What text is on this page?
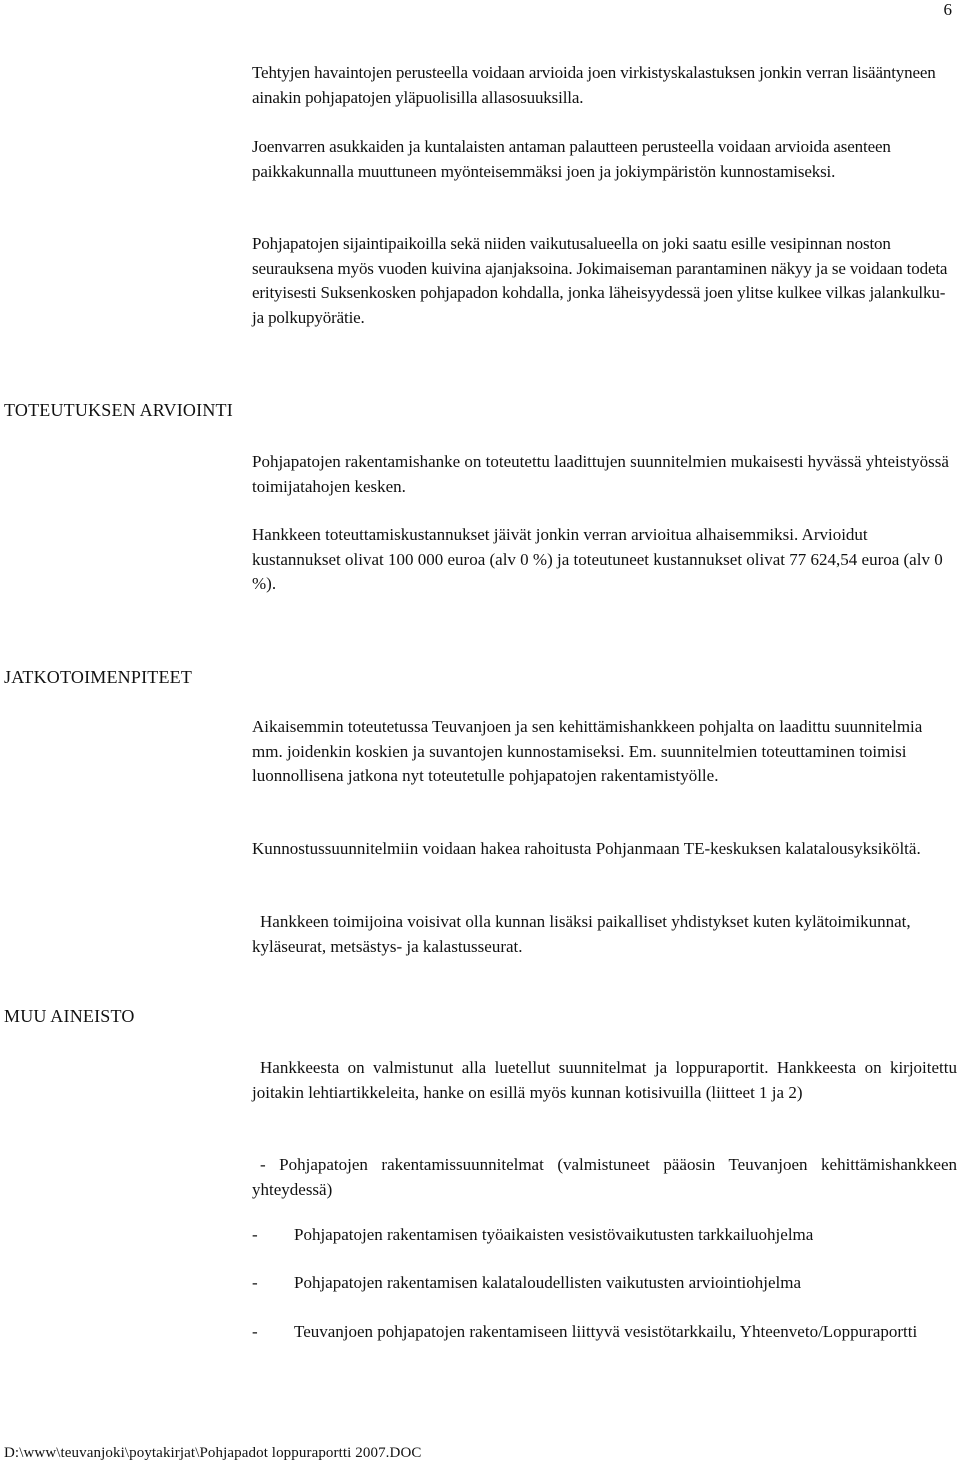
6

Tehtyjen havaintojen perusteella voidaan arvioida joen virkistyskalastuksen jonkin verran lisääntyneen ainakin pohjapatojen yläpuolisilla allasosuuksilla.

Joenvarren asukkaiden ja kuntalaisten antaman palautteen perusteella voidaan arvioida asenteen paikkakunnalla muuttuneen myönteisemmäksi joen ja jokiympäristön kunnostamiseksi.

Pohjapatojen sijaintipaikoilla sekä niiden vaikutusalueella on joki saatu esille vesipinnan noston seurauksena myös vuoden kuivina ajanjaksoina. Jokimaiseman parantaminen näkyy ja se voidaan todeta erityisesti Suksenkosken pohjapadon kohdalla, jonka läheisyydessä joen ylitse kulkee vilkas jalankulku- ja polkupyörätie.

TOTEUTUKSEN ARVIOINTI

Pohjapatojen rakentamishanke on toteutettu laadittujen suunnitelmien mukaisesti hyvässä yhteistyössä toimijatahojen kesken.

Hankkeen toteuttamiskustannukset jäivät jonkin verran arvioitua alhaisemmiksi. Arvioidut kustannukset olivat 100 000 euroa (alv 0 %) ja toteutuneet kustannukset olivat 77 624,54 euroa (alv 0 %).

JATKOTOIMENPITEET

Aikaisemmin toteutetussa Teuvanjoen ja sen kehittämishankkeen pohjalta on laadittu suunnitelmia mm. joidenkin koskien ja suvantojen kunnostamiseksi. Em. suunnitelmien toteuttaminen toimisi luonnollisena jatkona nyt toteutetulle pohjapatojen rakentamistyölle.

Kunnostussuunnitelmiin voidaan hakea rahoitusta Pohjanmaan TE-keskuksen kalatalousyksiköltä.

Hankkeen toimijoina voisivat olla kunnan lisäksi paikalliset yhdistykset kuten kylätoimikunnat, kyläseurat, metsästys- ja kalastusseurat.

MUU AINEISTO

Hankkeesta on valmistunut alla luetellut suunnitelmat ja loppuraportit. Hankkeesta on kirjoitettu joitakin lehtiartikkeleita, hanke on esillä myös kunnan kotisivuilla (liitteet 1 ja 2)

- Pohjapatojen rakentamissuunnitelmat (valmistuneet pääosin Teuvanjoen kehittämishankkeen yhteydessä)

- Pohjapatojen rakentamisen työaikaisten vesistövaikutusten tarkkailuohjelma
- Pohjapatojen rakentamisen kalataloudellisten vaikutusten arviointiohjelma
- Teuvanjoen pohjapatojen rakentamiseen liittyvä vesistötarkkailu, Yhteenveto/Loppuraportti
D:\www\teuvanjoki\poytakirjat\Pohjapadot loppuraportti 2007.DOC
